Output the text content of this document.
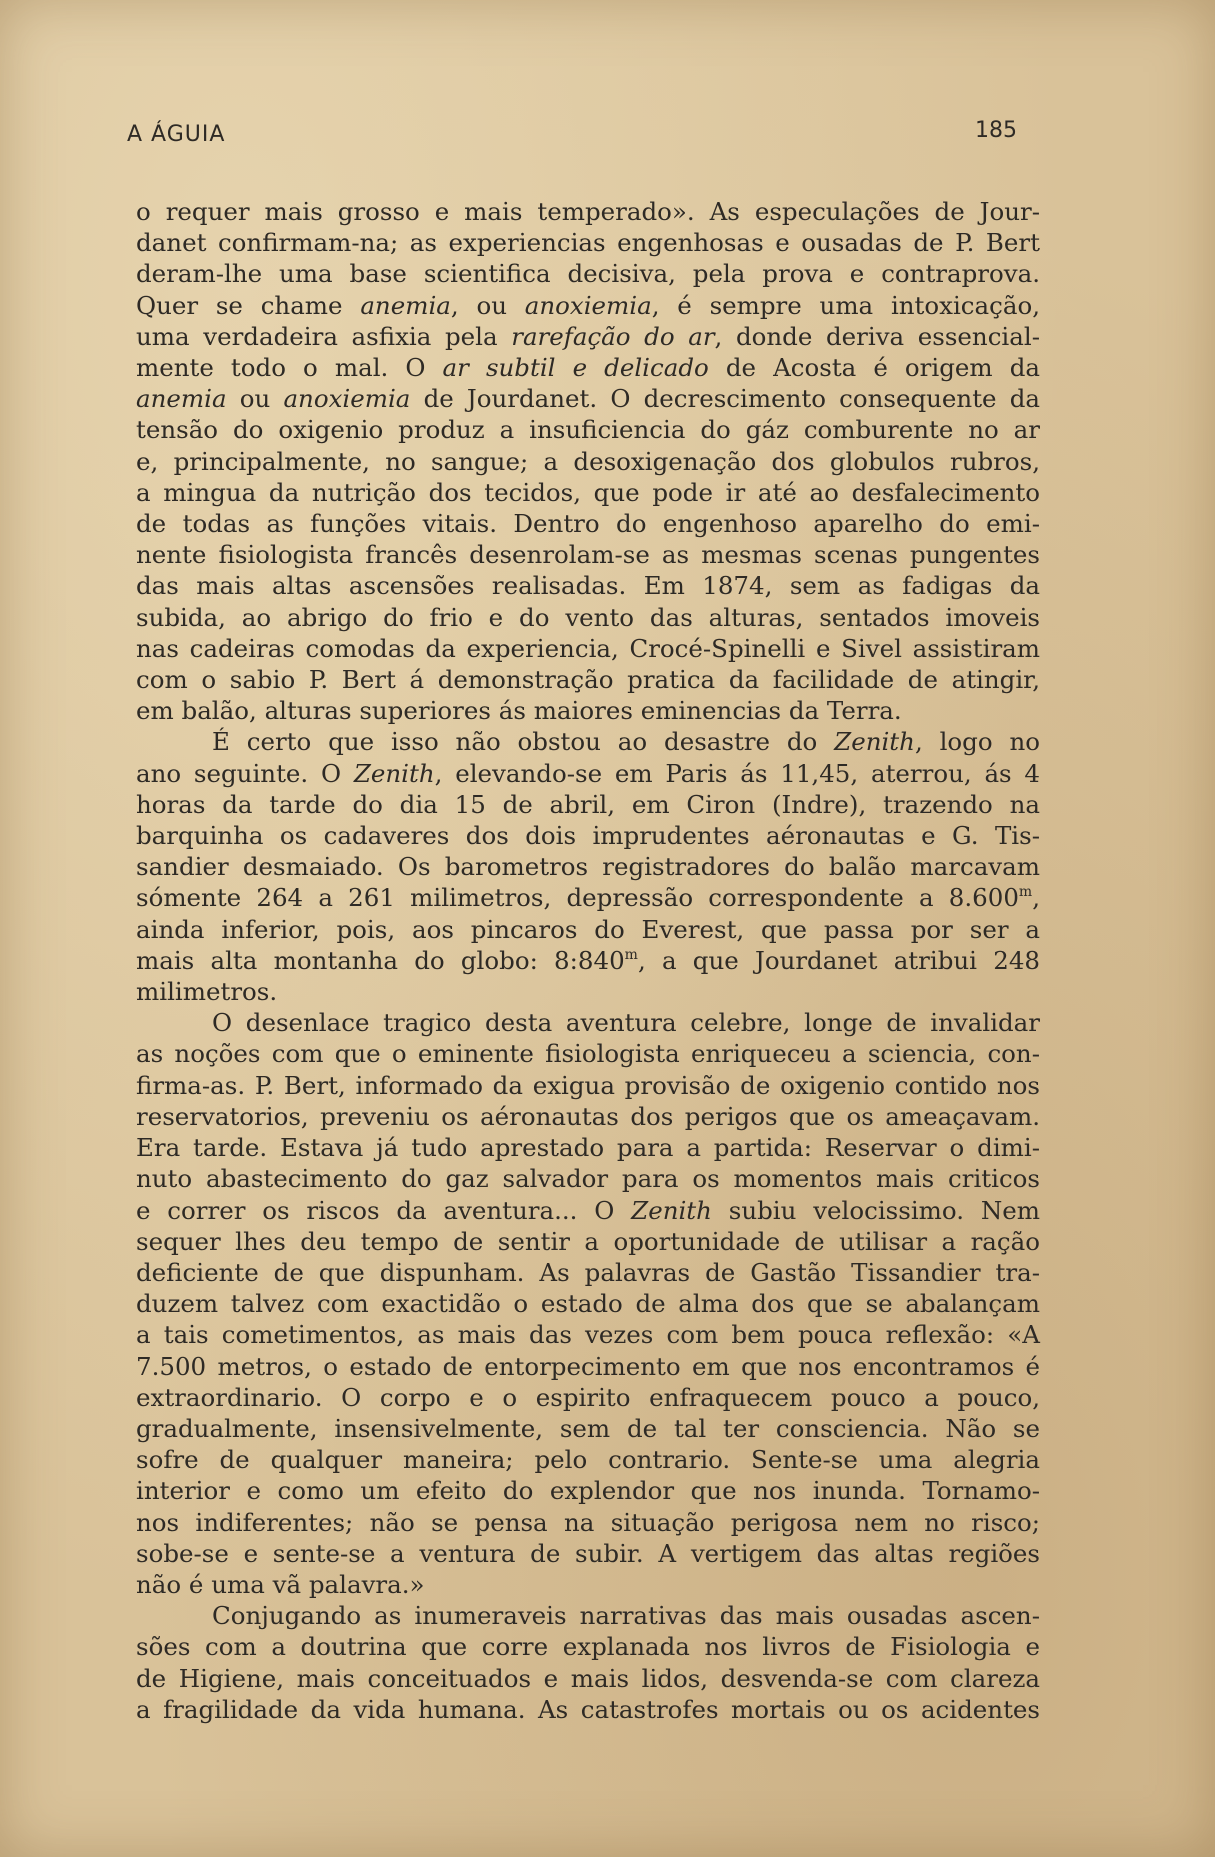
A ÁGUIA	185
o requer mais grosso e mais temperado». As especulações de Jour-
danet confirmam-na; as experiencias engenhosas e ousadas de P. Bert
deram-lhe uma base scientifica decisiva, pela prova e contraprova.
Quer se chame anemia, ou anoxiemia, é sempre uma intoxicação,
uma verdadeira asfixia pela rarefação do ar, donde deriva essencial-
mente todo o mal. O ar subtil e delicado de Acosta é origem da
anemia ou anoxiemia de Jourdanet. O decrescimento consequente da
tensão do oxigenio produz a insuficiencia do gáz comburente no ar
e, principalmente, no sangue; a desoxigenação dos globulos rubros,
a mingua da nutrição dos tecidos, que pode ir até ao desfalecimento
de todas as funções vitais. Dentro do engenhoso aparelho do emi-
nente fisiologista francês desenrolam-se as mesmas scenas pungentes
das mais altas ascensões realisadas. Em 1874, sem as fadigas da
subida, ao abrigo do frio e do vento das alturas, sentados imoveis
nas cadeiras comodas da experiencia, Crocé-Spinelli e Sivel assistiram
com o sabio P. Bert á demonstração pratica da facilidade de atingir,
em balão, alturas superiores ás maiores eminencias da Terra.
É certo que isso não obstou ao desastre do Zenith, logo no
ano seguinte. O Zenith, elevando-se em Paris ás 11,45, aterrou, ás 4
horas da tarde do dia 15 de abril, em Ciron (Indre), trazendo na
barquinha os cadaveres dos dois imprudentes aéronautas e G. Tis-
sandier desmaiado. Os barometros registradores do balão marcavam
sómente 264 a 261 milimetros, depressão correspondente a 8.600$^m$,
ainda inferior, pois, aos pincaros do Everest, que passa por ser a
mais alta montanha do globo: 8:840$^m$, a que Jourdanet atribui 248
milimetros.
O desenlace tragico desta aventura celebre, longe de invalidar
as noções com que o eminente fisiologista enriqueceu a sciencia, con-
firma-as. P. Bert, informado da exigua provisão de oxigenio contido nos
reservatorios, preveniu os aéronautas dos perigos que os ameaçavam.
Era tarde. Estava já tudo aprestado para a partida: Reservar o dimi-
nuto abastecimento do gaz salvador para os momentos mais criticos
e correr os riscos da aventura... O Zenith subiu velocissimo. Nem
sequer lhes deu tempo de sentir a oportunidade de utilisar a ração
deficiente de que dispunham. As palavras de Gastão Tissandier tra-
duzem talvez com exactidão o estado de alma dos que se abalançam
a tais cometimentos, as mais das vezes com bem pouca reflexão: «A
7.500 metros, o estado de entorpecimento em que nos encontramos é
extraordinario. O corpo e o espirito enfraquecem pouco a pouco,
gradualmente, insensivelmente, sem de tal ter consciencia. Não se
sofre de qualquer maneira; pelo contrario. Sente-se uma alegria
interior e como um efeito do explendor que nos inunda. Tornamo-
nos indiferentes; não se pensa na situação perigosa nem no risco;
sobe-se e sente-se a ventura de subir. A vertigem das altas regiões
não é uma vã palavra.»
Conjugando as inumeraveis narrativas das mais ousadas ascen-
sões com a doutrina que corre explanada nos livros de Fisiologia e
de Higiene, mais conceituados e mais lidos, desvenda-se com clareza
a fragilidade da vida humana. As catastrofes mortais ou os acidentes
